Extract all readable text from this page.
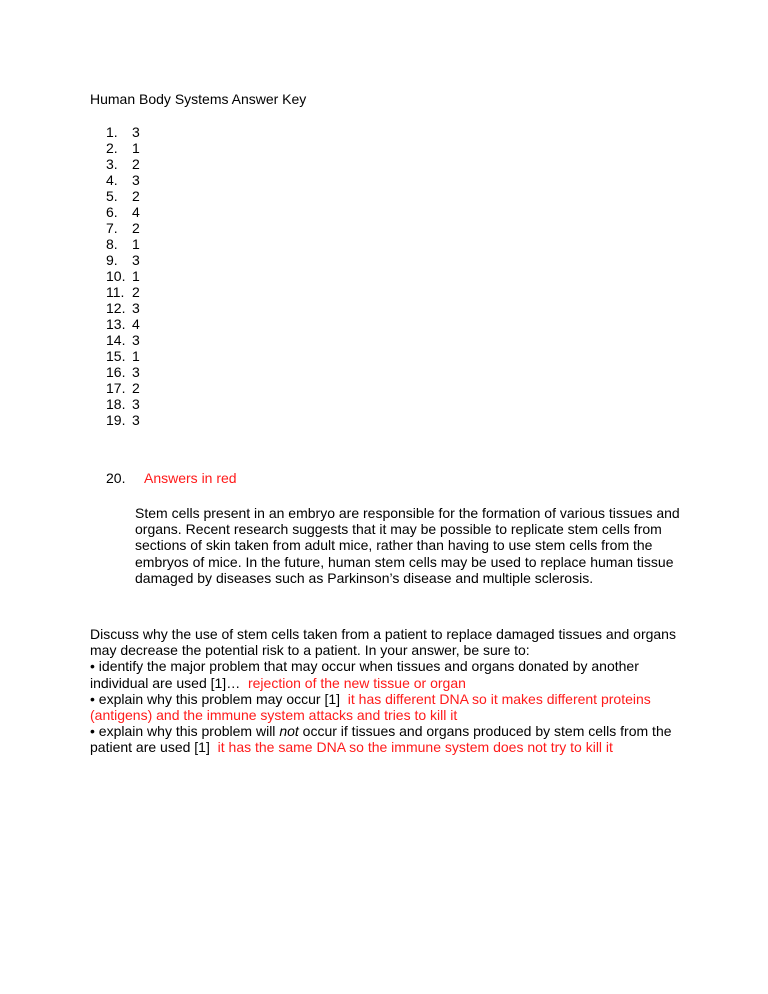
Human Body Systems Answer Key
1.	3
2.	1
3.	2
4.	3
5.	2
6.	4
7.	2
8.	1
9.	3
10. 1
11. 2
12. 3
13. 4
14. 3
15. 1
16. 3
17. 2
18. 3
19. 3
20.	Answers in red
Stem cells present in an embryo are responsible for the formation of various tissues and organs. Recent research suggests that it may be possible to replicate stem cells from sections of skin taken from adult mice, rather than having to use stem cells from the embryos of mice. In the future, human stem cells may be used to replace human tissue damaged by diseases such as Parkinson’s disease and multiple sclerosis.
Discuss why the use of stem cells taken from a patient to replace damaged tissues and organs may decrease the potential risk to a patient. In your answer, be sure to:
• identify the major problem that may occur when tissues and organs donated by another individual are used [1]… rejection of the new tissue or organ
• explain why this problem may occur [1] it has different DNA so it makes different proteins (antigens) and the immune system attacks and tries to kill it
• explain why this problem will not occur if tissues and organs produced by stem cells from the patient are used [1] it has the same DNA so the immune system does not try to kill it
